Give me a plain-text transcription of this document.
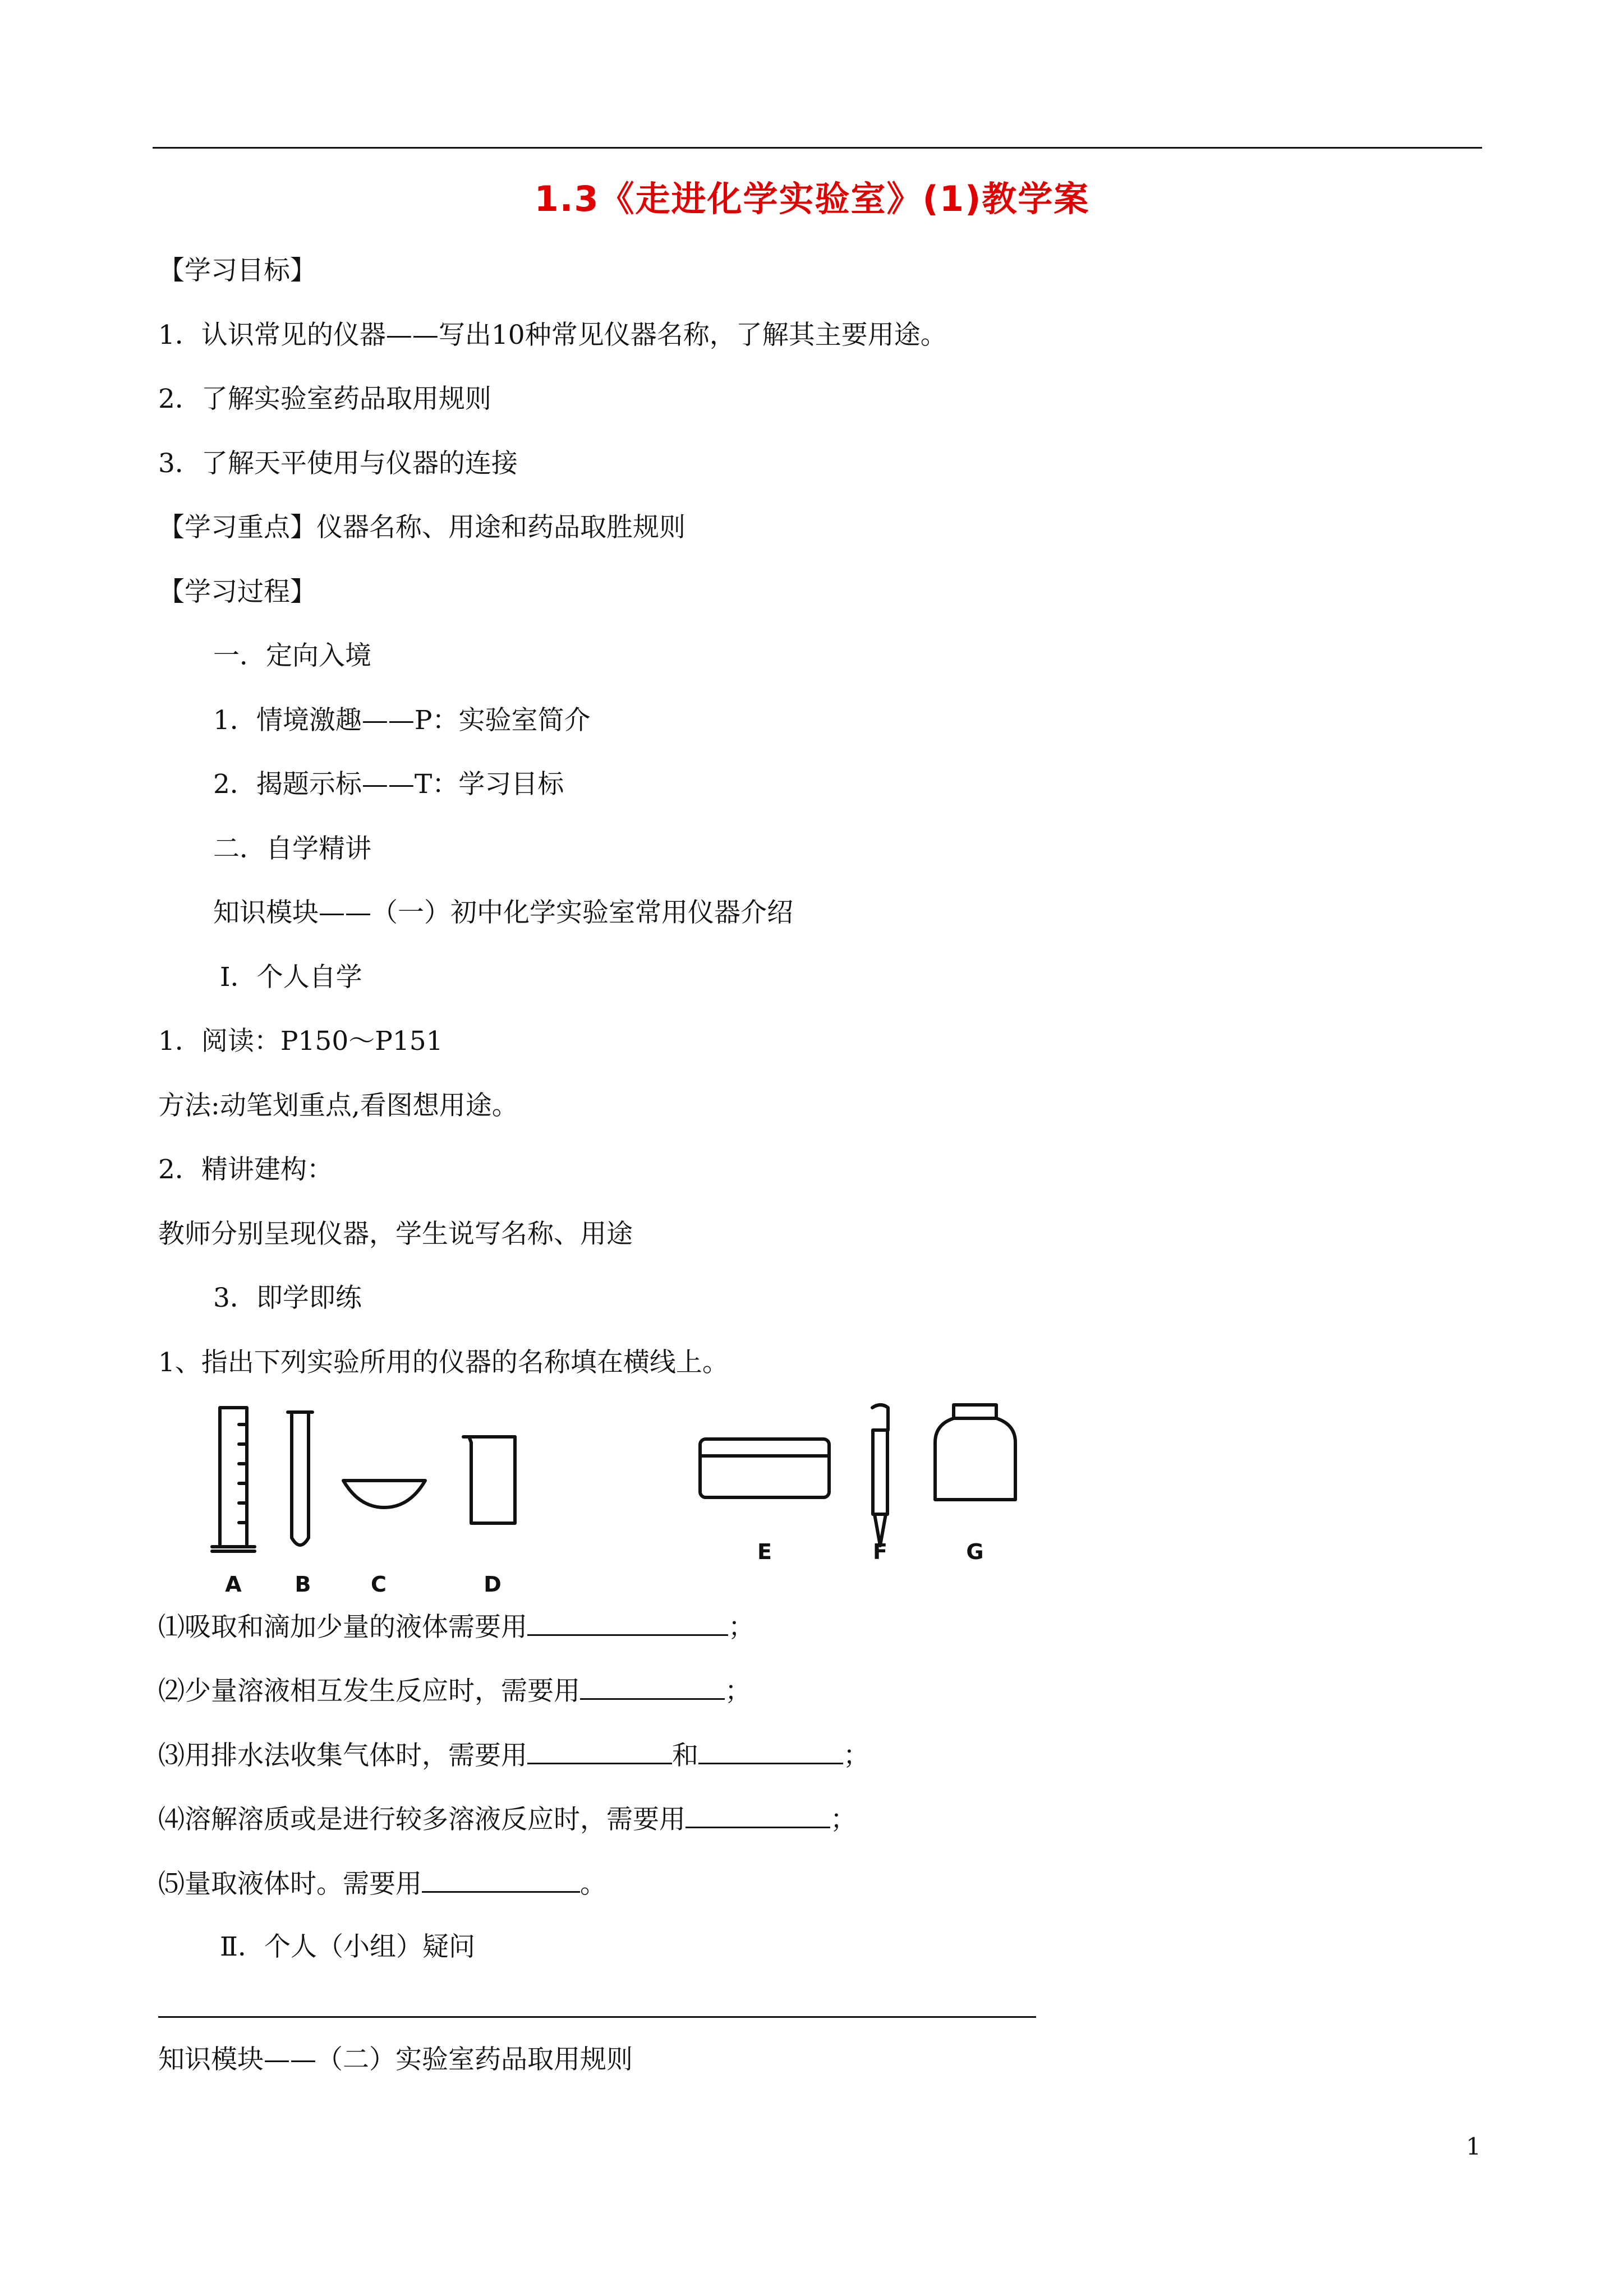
1.3《走进化学实验室》(1)教学案
【学习目标】
1．认识常见的仪器——写出10种常见仪器名称，了解其主要用途。
2．了解实验室药品取用规则
3．了解天平使用与仪器的连接
【学习重点】仪器名称、用途和药品取胜规则
【学习过程】
一．定向入境
1．情境激趣——P：实验室简介
2．揭题示标——T：学习目标
二．自学精讲
知识模块——（一）初中化学实验室常用仪器介绍
Ⅰ．个人自学
1．阅读：P150～P151
方法:动笔划重点,看图想用途。
2．精讲建构：
教师分别呈现仪器，学生说写名称、用途
3．即学即练
1、指出下列实验所用的仪器的名称填在横线上。
A B	C	D
E	F	G
⑴吸取和滴加少量的液体需要用	；
⑵少量溶液相互发生反应时，需要用	；
⑶用排水法收集气体时，需要用	和	；
⑷溶解溶质或是进行较多溶液反应时，需要用	；
⑸量取液体时。需要用	。
Ⅱ．个人（小组）疑问
知识模块——（二）实验室药品取用规则
1
